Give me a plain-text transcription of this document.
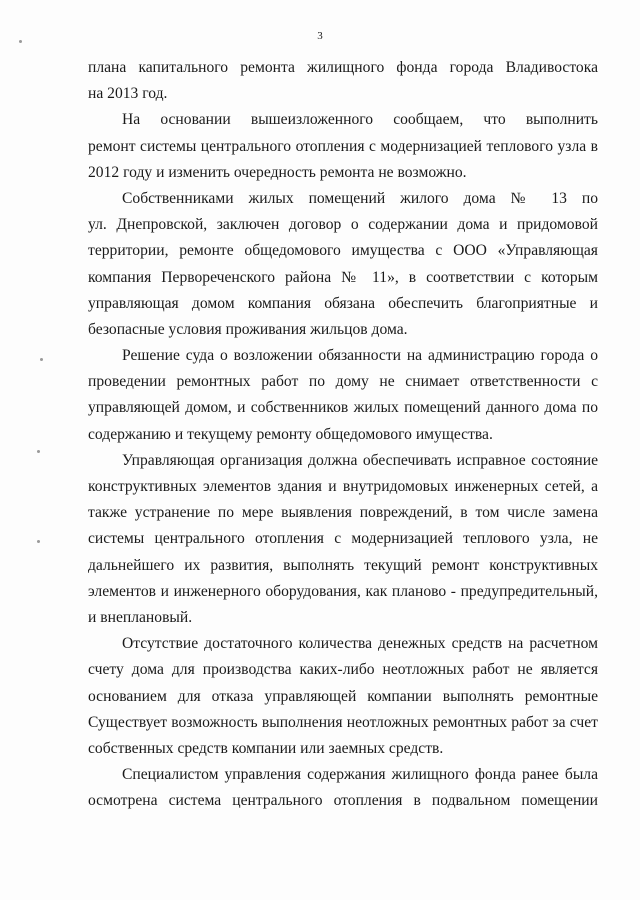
3
плана капитального ремонта жилищного фонда города Владивостока
на 2013 год.
На основании вышеизложенного сообщаем, что выполнить
ремонт системы центрального отопления с модернизацией теплового узла в
2012 году и изменить очередность ремонта не возможно.
Собственниками жилых помещений жилого дома № 13 по
ул. Днепровской, заключен договор о содержании дома и придомовой
территории, ремонте общедомового имущества с ООО «Управляющая
компания Первореченского района № 11», в соответствии с которым
управляющая домом компания обязана обеспечить благоприятные и
безопасные условия проживания жильцов дома.
Решение суда о возложении обязанности на администрацию города о
проведении ремонтных работ по дому не снимает ответственности с
управляющей домом, и собственников жилых помещений данного дома по
содержанию и текущему ремонту общедомового имущества.
Управляющая организация должна обеспечивать исправное состояние
конструктивных элементов здания и внутридомовых инженерных сетей, а
также устранение по мере выявления повреждений, в том числе замена
системы центрального отопления с модернизацией теплового узла, не
дальнейшего их развития, выполнять текущий ремонт конструктивных
элементов и инженерного оборудования, как планово - предупредительный,
и внеплановый.
Отсутствие достаточного количества денежных средств на расчетном
счету дома для производства каких-либо неотложных работ не является
основанием для отказа управляющей компании выполнять ремонтные
Существует возможность выполнения неотложных ремонтных работ за счет
собственных средств компании или заемных средств.
Специалистом управления содержания жилищного фонда ранее была
осмотрена система центрального отопления в подвальном помещении
